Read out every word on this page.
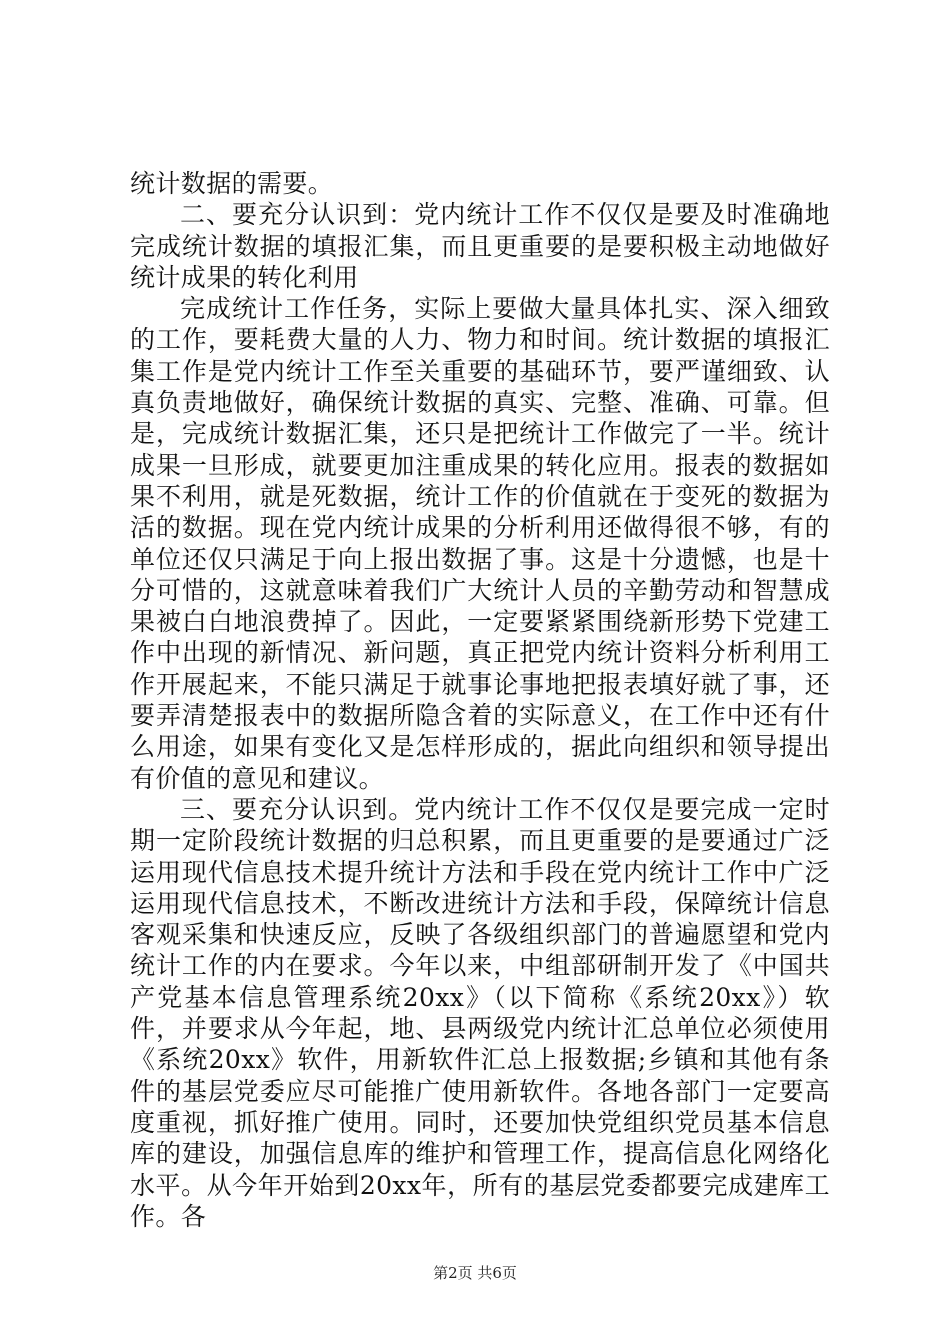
统计数据的需要。

二、要充分认识到：党内统计工作不仅仅是要及时准确地完成统计数据的填报汇集，而且更重要的是要积极主动地做好统计成果的转化利用

完成统计工作任务，实际上要做大量具体扎实、深入细致的工作，要耗费大量的人力、物力和时间。统计数据的填报汇集工作是党内统计工作至关重要的基础环节，要严谨细致、认真负责地做好，确保统计数据的真实、完整、准确、可靠。但是，完成统计数据汇集，还只是把统计工作做完了一半。统计成果一旦形成，就要更加注重成果的转化应用。报表的数据如果不利用，就是死数据，统计工作的价值就在于变死的数据为活的数据。现在党内统计成果的分析利用还做得很不够，有的单位还仅只满足于向上报出数据了事。这是十分遗憾，也是十分可惜的，这就意味着我们广大统计人员的辛勤劳动和智慧成果被白白地浪费掉了。因此，一定要紧紧围绕新形势下党建工作中出现的新情况、新问题，真正把党内统计资料分析利用工作开展起来，不能只满足于就事论事地把报表填好就了事，还要弄清楚报表中的数据所隐含着的实际意义，在工作中还有什么用途，如果有变化又是怎样形成的，据此向组织和领导提出有价值的意见和建议。

三、要充分认识到。党内统计工作不仅仅是要完成一定时期一定阶段统计数据的归总积累，而且更重要的是要通过广泛运用现代信息技术提升统计方法和手段在党内统计工作中广泛运用现代信息技术，不断改进统计方法和手段，保障统计信息客观采集和快速反应，反映了各级组织部门的普遍愿望和党内统计工作的内在要求。今年以来，中组部研制开发了《中国共产党基本信息管理系统20xx》（以下简称《系统20xx》）软件，并要求从今年起，地、县两级党内统计汇总单位必须使用《系统20xx》软件，用新软件汇总上报数据;乡镇和其他有条件的基层党委应尽可能推广使用新软件。各地各部门一定要高度重视，抓好推广使用。同时，还要加快党组织党员基本信息库的建设，加强信息库的维护和管理工作，提高信息化网络化水平。从今年开始到20xx年，所有的基层党委都要完成建库工作。各

第2页 共6页
